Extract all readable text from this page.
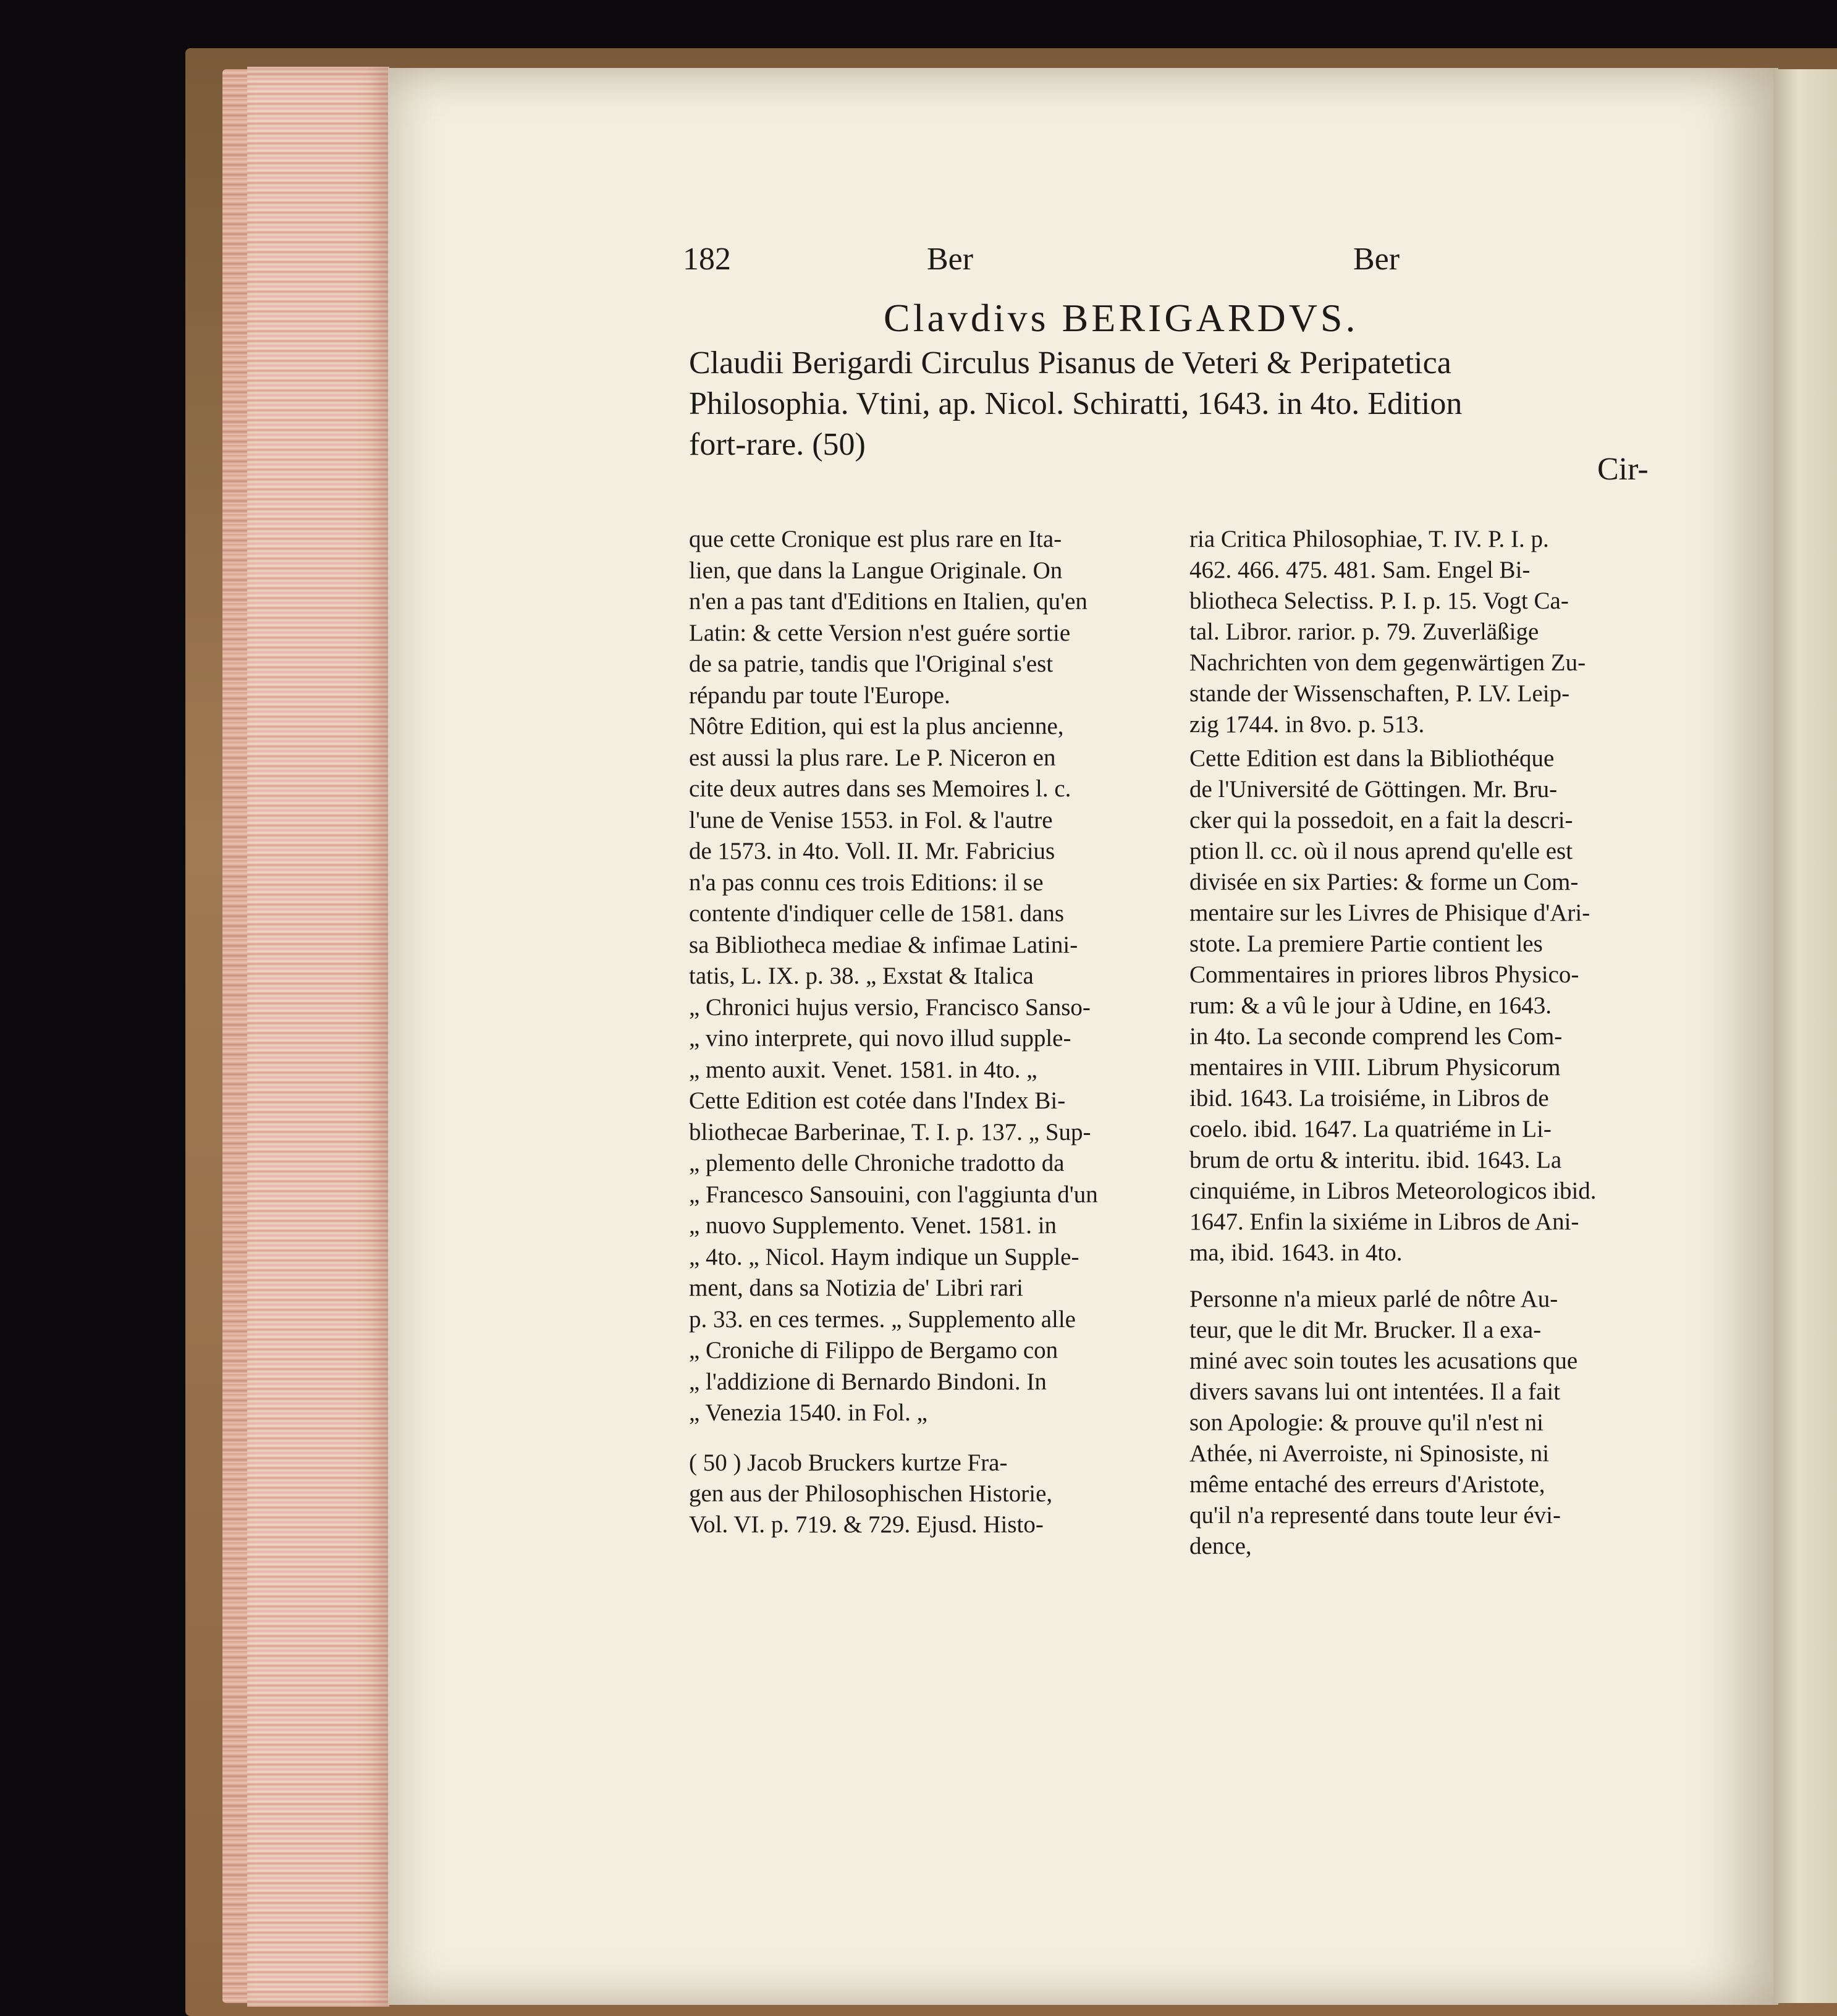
182	Ber	Ber
Clavdivs BERIGARDVS.
Claudii Berigardi Circulus Pisanus de Veteri & Peripatetica
Philosophia. Vtini, ap. Nicol. Schiratti, 1643. in 4to. Edition
fort-rare. (50)
Cir-
que cette Cronique est plus rare en Ita-
lien, que dans la Langue Originale. On
n'en a pas tant d'Editions en Italien, qu'en
Latin: & cette Version n'est guére sortie
de sa patrie, tandis que l'Original s'est
répandu par toute l'Europe.
Nôtre Edition, qui est la plus ancienne,
est aussi la plus rare. Le P. Niceron en
cite deux autres dans ses Memoires l. c.
l'une de Venise 1553. in Fol. & l'autre
de 1573. in 4to. Voll. II. Mr. Fabricius
n'a pas connu ces trois Editions: il se
contente d'indiquer celle de 1581. dans
sa Bibliotheca mediae & infimae Latini-
tatis, L. IX. p. 38. „ Exstat & Italica
„ Chronici hujus versio, Francisco Sanso-
„ vino interprete, qui novo illud supple-
„ mento auxit. Venet. 1581. in 4to. „
Cette Edition est cotée dans l'Index Bi-
bliothecae Barberinae, T. I. p. 137. „ Sup-
„ plemento delle Chroniche tradotto da
„ Francesco Sansouini, con l'aggiunta d'un
„ nuovo Supplemento. Venet. 1581. in
„ 4to. „ Nicol. Haym indique un Supple-
ment, dans sa Notizia de' Libri rari
p. 33. en ces termes. „ Supplemento alle
„ Croniche di Filippo de Bergamo con
„ l'addizione di Bernardo Bindoni. In
„ Venezia 1540. in Fol. „
( 50 ) Jacob Bruckers kurtze Fra-
gen aus der Philosophischen Historie,
Vol. VI. p. 719. & 729. Ejusd. Histo-
ria Critica Philosophiae, T. IV. P. I. p.
462. 466. 475. 481. Sam. Engel Bi-
bliotheca Selectiss. P. I. p. 15. Vogt Ca-
tal. Libror. rarior. p. 79. Zuverläßige
Nachrichten von dem gegenwärtigen Zu-
stande der Wissenschaften, P. LV. Leip-
zig 1744. in 8vo. p. 513.
Cette Edition est dans la Bibliothéque
de l'Université de Göttingen. Mr. Bru-
cker qui la possedoit, en a fait la descri-
ption ll. cc. où il nous aprend qu'elle est
divisée en six Parties: & forme un Com-
mentaire sur les Livres de Phisique d'Ari-
stote. La premiere Partie contient les
Commentaires in priores libros Physico-
rum: & a vû le jour à Udine, en 1643.
in 4to. La seconde comprend les Com-
mentaires in VIII. Librum Physicorum
ibid. 1643. La troisiéme, in Libros de
coelo. ibid. 1647. La quatriéme in Li-
brum de ortu & interitu. ibid. 1643. La
cinquiéme, in Libros Meteorologicos ibid.
1647. Enfin la sixiéme in Libros de Ani-
ma, ibid. 1643. in 4to.
Personne n'a mieux parlé de nôtre Au-
teur, que le dit Mr. Brucker. Il a exa-
miné avec soin toutes les acusations que
divers savans lui ont intentées. Il a fait
son Apologie: & prouve qu'il n'est ni
Athée, ni Averroiste, ni Spinosiste, ni
même entaché des erreurs d'Aristote,
qu'il n'a representé dans toute leur évi-
dence,
